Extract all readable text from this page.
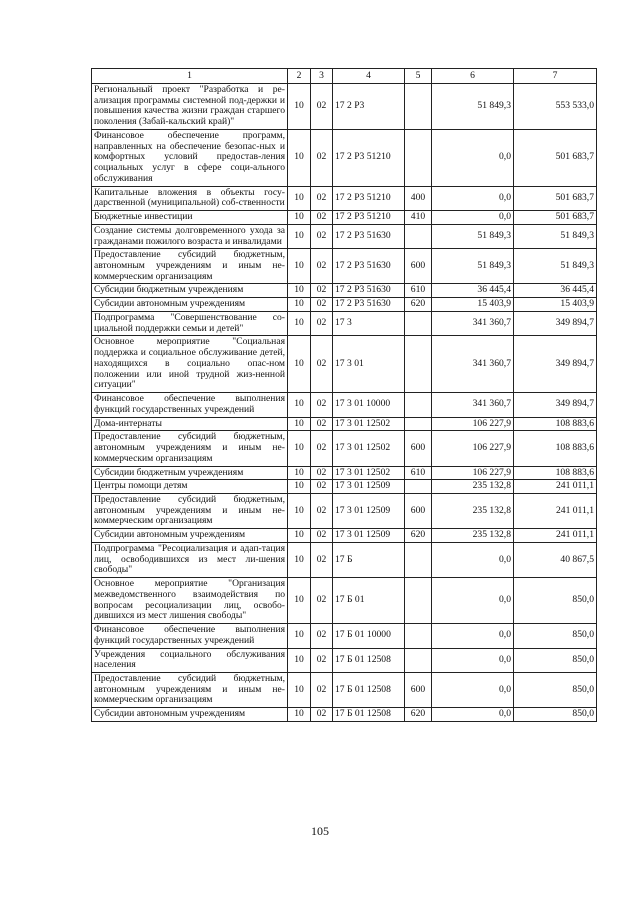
1	2	3	4	5	6	7
Региональный проект "Разработка и ре-ализация программы системной под-держки и повышения качества жизни граждан старшего поколения (Забай-кальский край)"	10	02	17 2 Р3		51 849,3	553 533,0
Финансовое обеспечение программ, направленных на обеспечение безопас-ных и комфортных условий предостав-ления социальных услуг в сфере соци-ального обслуживания	10	02	17 2 Р3 51210		0,0	501 683,7
Капитальные вложения в объекты госу-дарственной (муниципальной) соб-ственности	10	02	17 2 Р3 51210	400	0,0	501 683,7
Бюджетные инвестиции	10	02	17 2 Р3 51210	410	0,0	501 683,7
Создание системы долговременного ухода за гражданами пожилого возраста и инвалидами	10	02	17 2 Р3 51630		51 849,3	51 849,3
Предоставление субсидий бюджетным, автономным учреждениям и иным не-коммерческим организациям	10	02	17 2 Р3 51630	600	51 849,3	51 849,3
Субсидии бюджетным учреждениям	10	02	17 2 Р3 51630	610	36 445,4	36 445,4
Субсидии автономным учреждениям	10	02	17 2 Р3 51630	620	15 403,9	15 403,9
Подпрограмма "Совершенствование со-циальной поддержки семьи и детей"	10	02	17 3		341 360,7	349 894,7
Основное мероприятие "Социальная поддержка и социальное обслуживание детей, находящихся в социально опас-ном положении или иной трудной жиз-ненной ситуации"	10	02	17 3 01		341 360,7	349 894,7
Финансовое обеспечение выполнения функций государственных учреждений	10	02	17 3 01 10000		341 360,7	349 894,7
Дома-интернаты	10	02	17 3 01 12502		106 227,9	108 883,6
Предоставление субсидий бюджетным, автономным учреждениям и иным не-коммерческим организациям	10	02	17 3 01 12502	600	106 227,9	108 883,6
Субсидии бюджетным учреждениям	10	02	17 3 01 12502	610	106 227,9	108 883,6
Центры помощи детям	10	02	17 3 01 12509		235 132,8	241 011,1
Предоставление субсидий бюджетным, автономным учреждениям и иным не-коммерческим организациям	10	02	17 3 01 12509	600	235 132,8	241 011,1
Субсидии автономным учреждениям	10	02	17 3 01 12509	620	235 132,8	241 011,1
Подпрограмма "Ресоциализация и адап-тация лиц, освободившихся из мест ли-шения свободы"	10	02	17 Б		0,0	40 867,5
Основное мероприятие "Организация межведомственного взаимодействия по вопросам ресоциализации лиц, освобо-дившихся из мест лишения свободы"	10	02	17 Б 01		0,0	850,0
Финансовое обеспечение выполнения функций государственных учреждений	10	02	17 Б 01 10000		0,0	850,0
Учреждения социального обслуживания населения	10	02	17 Б 01 12508		0,0	850,0
Предоставление субсидий бюджетным, автономным учреждениям и иным не-коммерческим организациям	10	02	17 Б 01 12508	600	0,0	850,0
Субсидии автономным учреждениям	10	02	17 Б 01 12508	620	0,0	850,0
105
